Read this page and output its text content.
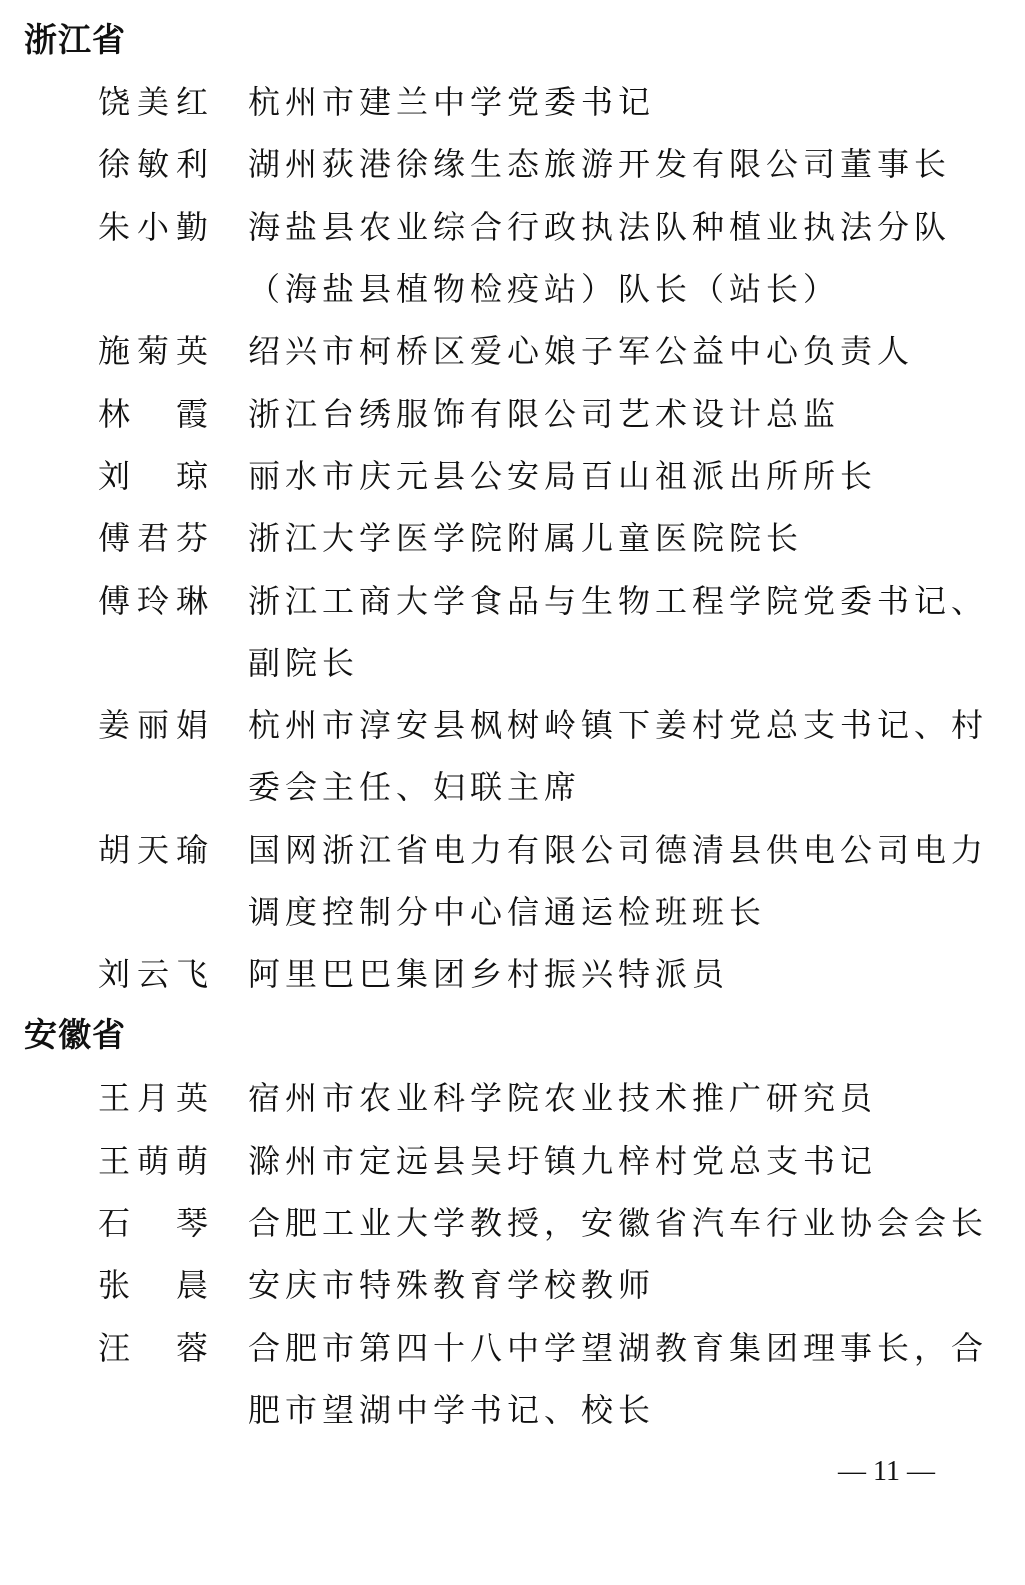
浙江省
饶 美 红 杭州市建兰中学党委书记

徐 敏 利 湖州荻港徐缘生态旅游开发有限公司董事长

朱 小 勤 海盐县农业综合行政执法队种植业执法分队（海盐县植物检疫站）队长（站长）

施 菊 英 绍兴市柯桥区爱心娘子军公益中心负责人

林 霞 浙江台绣服饰有限公司艺术设计总监

刘 琼 丽水市庆元县公安局百山祖派出所所长

傅 君 芬 浙江大学医学院附属儿童医院院长

傅 玲 琳 浙江工商大学食品与生物工程学院党委书记、副院长

姜 丽 娟 杭州市淳安县枫树岭镇下姜村党总支书记、村委会主任、妇联主席

胡 天 瑜 国网浙江省电力有限公司德清县供电公司电力调度控制分中心信通运检班班长

刘 云 飞 阿里巴巴集团乡村振兴特派员

安徽省
王 月 英 宿州市农业科学院农业技术推广研究员

王 萌 萌 滁州市定远县吴圩镇九梓村党总支书记

石 琴 合肥工业大学教授，安徽省汽车行业协会会长

张 晨 安庆市特殊教育学校教师

汪 蓉 合肥市第四十八中学望湖教育集团理事长，合肥市望湖中学书记、校长

— 11 —
